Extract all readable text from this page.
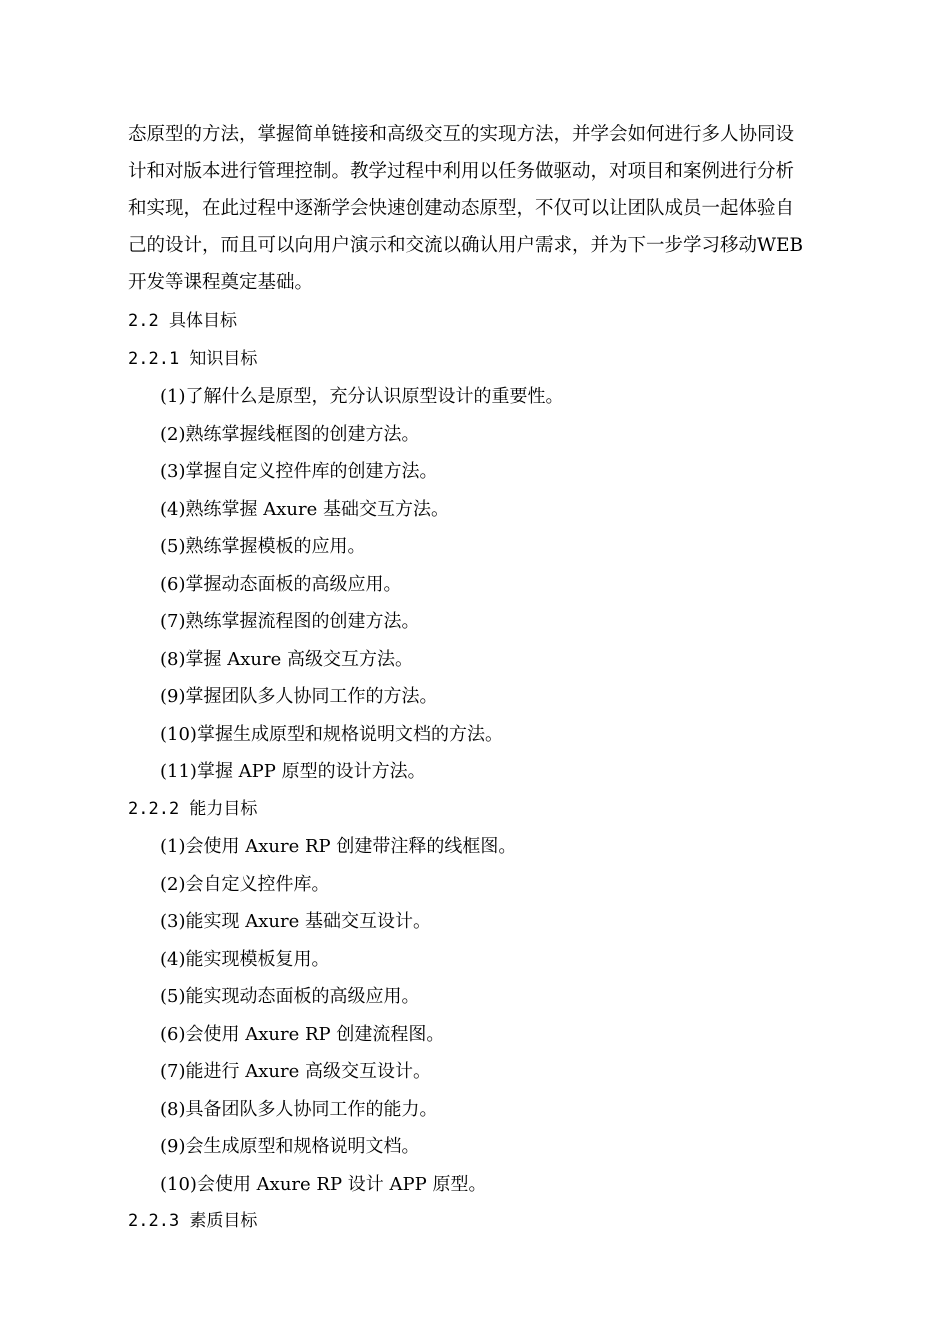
态原型的方法，掌握简单链接和高级交互的实现方法，并学会如何进行多人协同设
计和对版本进行管理控制。教学过程中利用以任务做驱动，对项目和案例进行分析
和实现，在此过程中逐渐学会快速创建动态原型，不仅可以让团队成员一起体验自
己的设计，而且可以向用户演示和交流以确认用户需求，并为下一步学习移动WEB
开发等课程奠定基础。
2.2 具体目标
2.2.1 知识目标
(1)了解什么是原型，充分认识原型设计的重要性。
(2)熟练掌握线框图的创建方法。
(3)掌握自定义控件库的创建方法。
(4)熟练掌握 Axure 基础交互方法。
(5)熟练掌握模板的应用。
(6)掌握动态面板的高级应用。
(7)熟练掌握流程图的创建方法。
(8)掌握 Axure 高级交互方法。
(9)掌握团队多人协同工作的方法。
(10)掌握生成原型和规格说明文档的方法。
(11)掌握 APP 原型的设计方法。
2.2.2 能力目标
(1)会使用 Axure RP 创建带注释的线框图。
(2)会自定义控件库。
(3)能实现 Axure 基础交互设计。
(4)能实现模板复用。
(5)能实现动态面板的高级应用。
(6)会使用 Axure RP 创建流程图。
(7)能进行 Axure 高级交互设计。
(8)具备团队多人协同工作的能力。
(9)会生成原型和规格说明文档。
(10)会使用 Axure RP 设计 APP 原型。
2.2.3 素质目标
